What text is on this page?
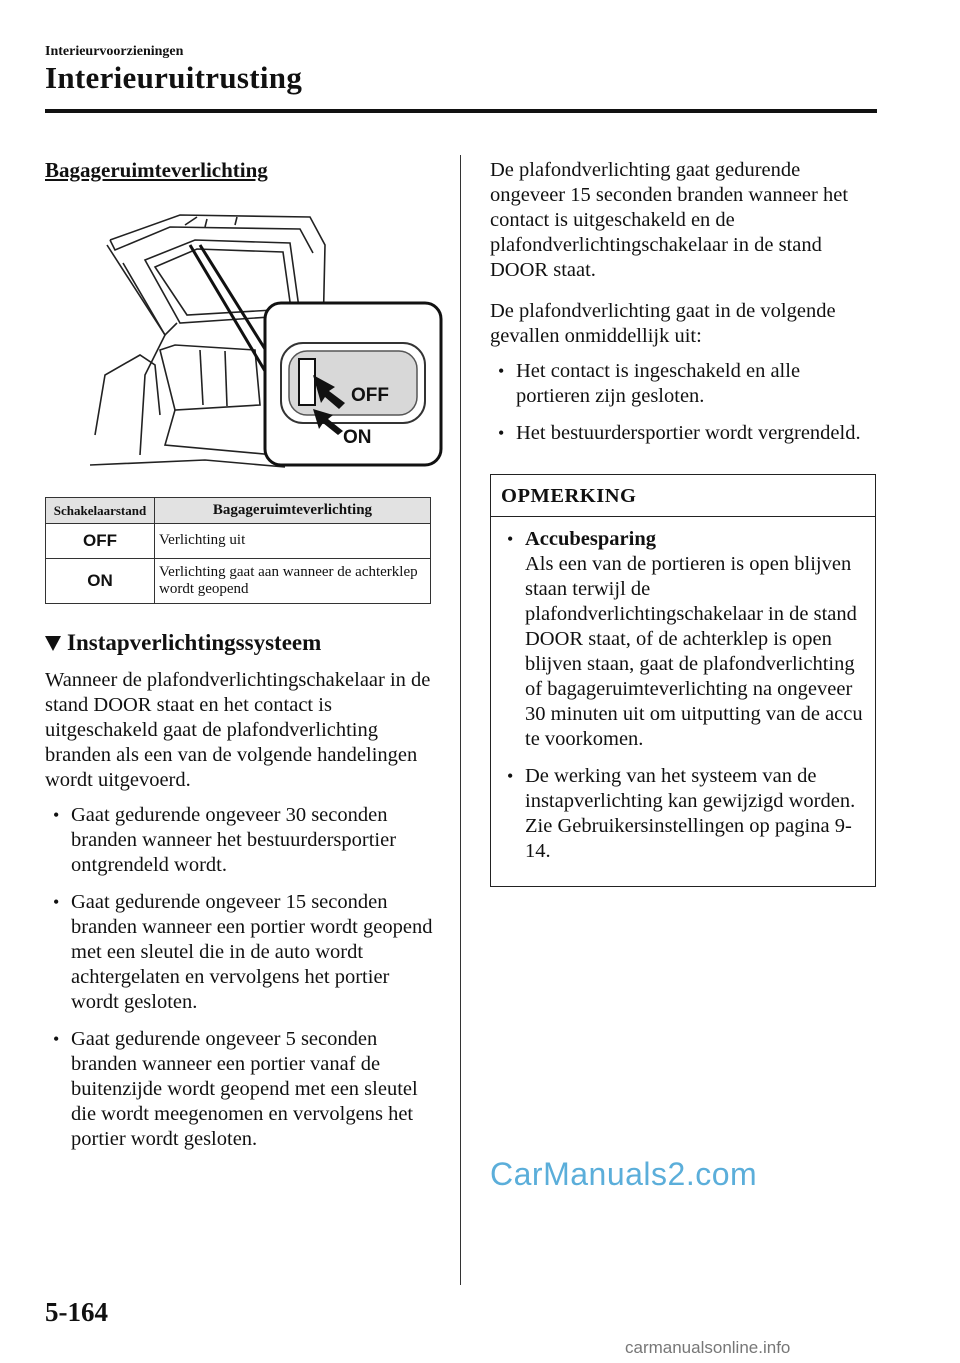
Interieurvoorzieningen
Interieuruitrusting
Bagageruimteverlichting
OFF
ON
Schakelaarstand	Bagageruimteverlichting
OFF	Verlichting uit
ON	Verlichting gaat aan wanneer de achterklep wordt geopend
Instapverlichtingssysteem

Wanneer de plafondverlichtingschakelaar in de stand DOOR staat en het contact is uitgeschakeld gaat de plafondverlichting branden als een van de volgende handelingen wordt uitgevoerd.

• Gaat gedurende ongeveer 30 seconden branden wanneer het bestuurdersportier ontgrendeld wordt.
• Gaat gedurende ongeveer 15 seconden branden wanneer een portier wordt geopend met een sleutel die in de auto wordt achtergelaten en vervolgens het portier wordt gesloten.
• Gaat gedurende ongeveer 5 seconden branden wanneer een portier vanaf de buitenzijde wordt geopend met een sleutel die wordt meegenomen en vervolgens het portier wordt gesloten.

De plafondverlichting gaat gedurende ongeveer 15 seconden branden wanneer het contact is uitgeschakeld en de plafondverlichtingschakelaar in de stand DOOR staat.

De plafondverlichting gaat in de volgende gevallen onmiddellijk uit:

• Het contact is ingeschakeld en alle portieren zijn gesloten.
• Het bestuurdersportier wordt vergrendeld.
OPMERKING
• Accubesparing
Als een van de portieren is open blijven staan terwijl de plafondverlichtingschakelaar in de stand DOOR staat, of de achterklep is open blijven staan, gaat de plafondverlichting of bagageruimteverlichting na ongeveer 30 minuten uit om uitputting van de accu te voorkomen.
• De werking van het systeem van de instapverlichting kan gewijzigd worden.
Zie Gebruikersinstellingen op pagina 9-14.
CarManuals2.com
5-164
carmanualsonline.info
